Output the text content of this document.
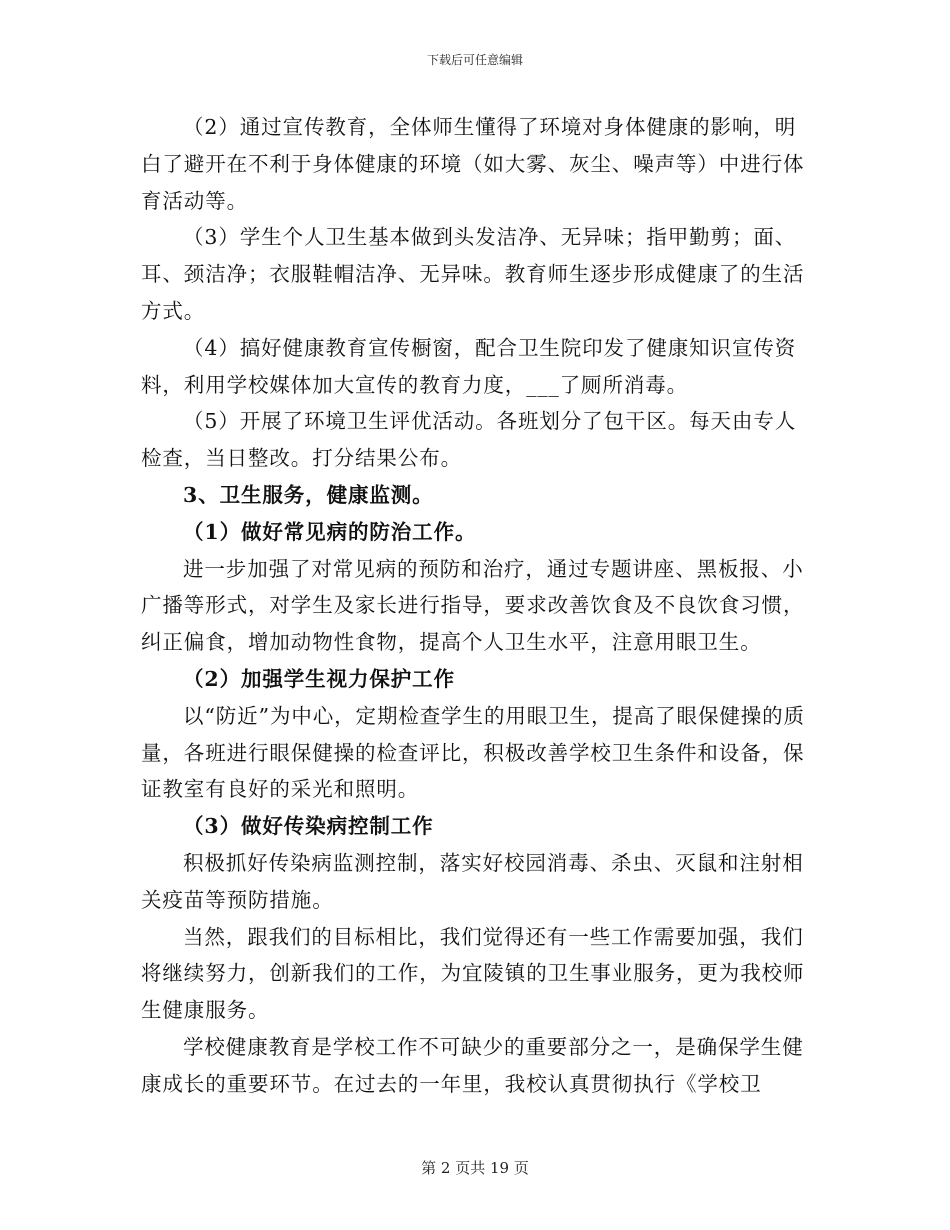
下载后可任意编辑

（2）通过宣传教育，全体师生懂得了环境对身体健康的影响，明白了避开在不利于身体健康的环境（如大雾、灰尘、噪声等）中进行体育活动等。

（3）学生个人卫生基本做到头发洁净、无异味；指甲勤剪；面、耳、颈洁净；衣服鞋帽洁净、无异味。教育师生逐步形成健康了的生活方式。

（4）搞好健康教育宣传橱窗，配合卫生院印发了健康知识宣传资料，利用学校媒体加大宣传的教育力度，___了厕所消毒。

（5）开展了环境卫生评优活动。各班划分了包干区。每天由专人检查，当日整改。打分结果公布。

3、卫生服务，健康监测。

（1）做好常见病的防治工作。

进一步加强了对常见病的预防和治疗，通过专题讲座、黑板报、小广播等形式，对学生及家长进行指导，要求改善饮食及不良饮食习惯，纠正偏食，增加动物性食物，提高个人卫生水平，注意用眼卫生。

（2）加强学生视力保护工作

以“防近”为中心，定期检查学生的用眼卫生，提高了眼保健操的质量，各班进行眼保健操的检查评比，积极改善学校卫生条件和设备，保证教室有良好的采光和照明。

（3）做好传染病控制工作

积极抓好传染病监测控制，落实好校园消毒、杀虫、灭鼠和注射相关疫苗等预防措施。

当然，跟我们的目标相比，我们觉得还有一些工作需要加强，我们将继续努力，创新我们的工作，为宜陵镇的卫生事业服务，更为我校师生健康服务。

学校健康教育是学校工作不可缺少的重要部分之一，是确保学生健康成长的重要环节。在过去的一年里，我校认真贯彻执行《学校卫

第 2 页共 19 页
